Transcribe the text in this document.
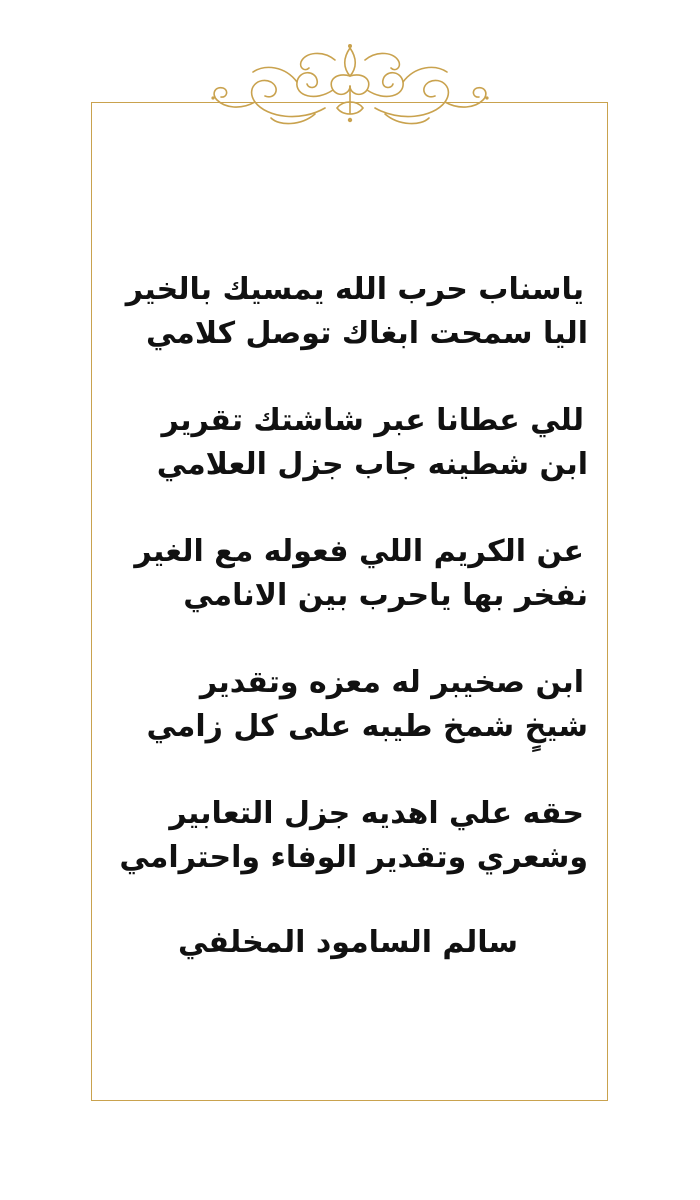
ياسناب حرب الله يمسيك بالخير
اليا سمحت ابغاك توصل كلامي
للي عطانا عبر شاشتك تقرير
ابن شطينه جاب جزل العلامي
عن الكريم اللي فعوله مع الغير
نفخر بها ياحرب بين الانامي
ابن صخيبر له معزه وتقدير
شيخٍ شمخ طيبه على كل زامي
حقه علي اهديه جزل التعابير
وشعري وتقدير الوفاء واحترامي
سالم السامود المخلفي
